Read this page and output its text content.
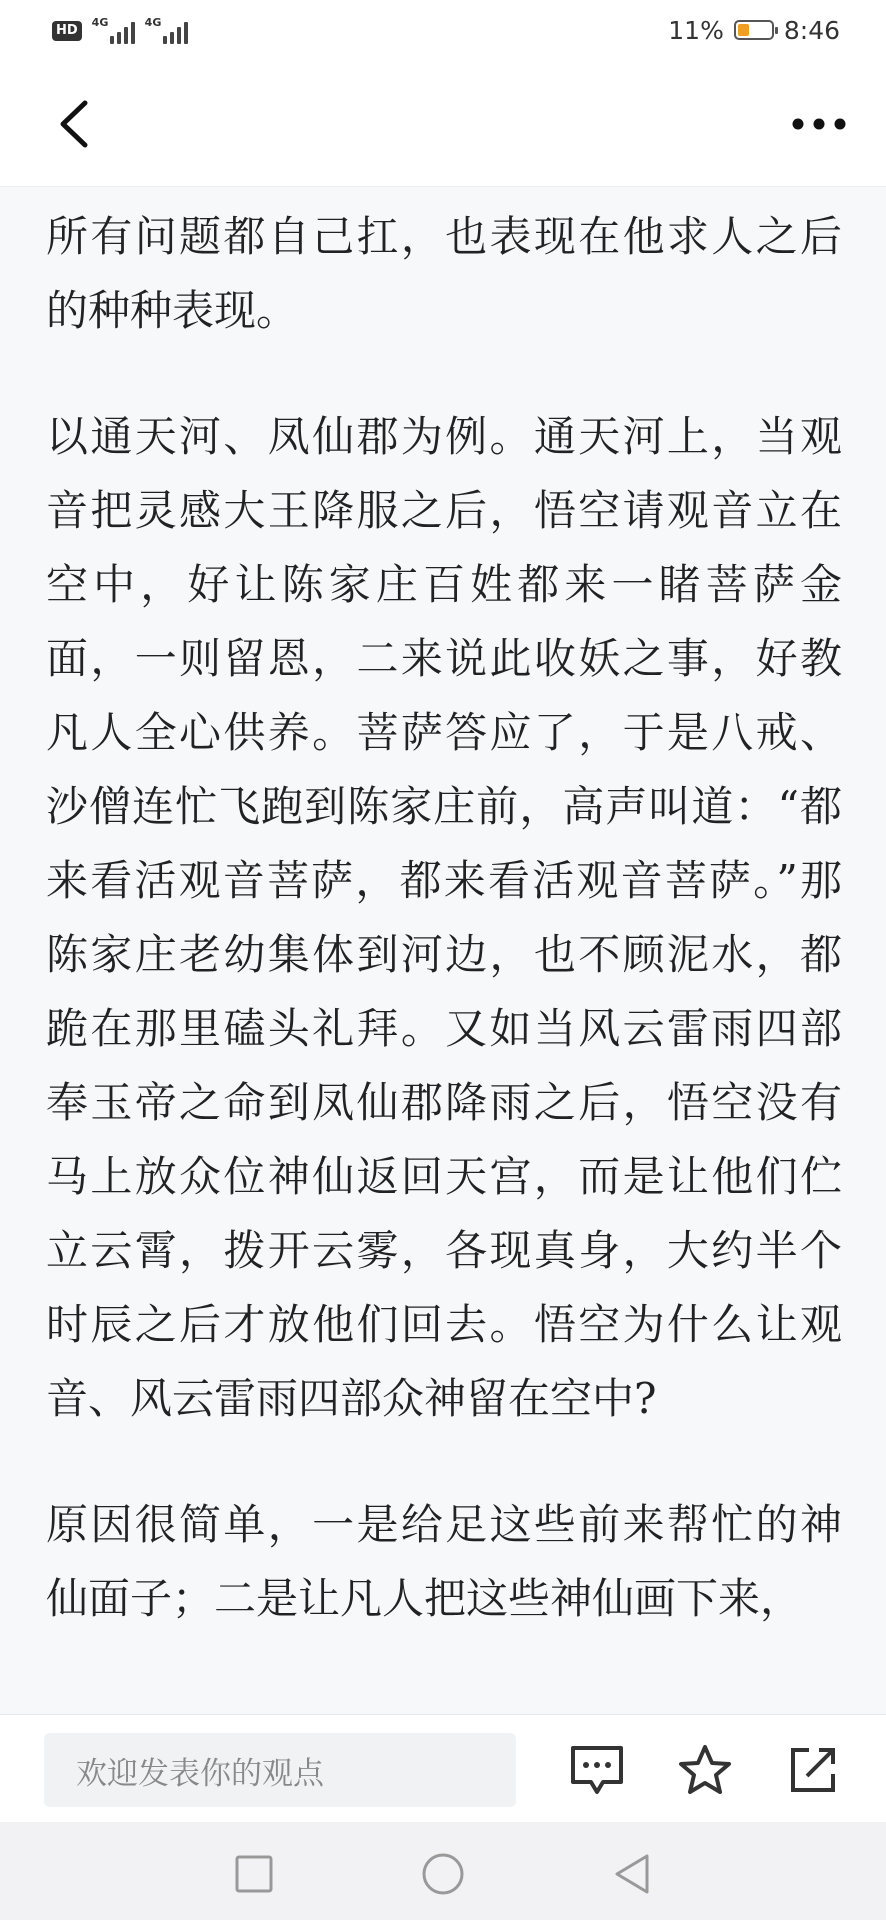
HD
4G	4G	11% 8:46

所有问题都自己扛，也表现在他求人之后的种种表现。

以通天河、凤仙郡为例。通天河上，当观音把灵感大王降服之后，悟空请观音立在空中，好让陈家庄百姓都来一睹菩萨金面，一则留恩，二来说此收妖之事，好教凡人全心供养。菩萨答应了，于是八戒、沙僧连忙飞跑到陈家庄前，高声叫道：“都来看活观音菩萨，都来看活观音菩萨。”那陈家庄老幼集体到河边，也不顾泥水，都跪在那里磕头礼拜。又如当风云雷雨四部奉玉帝之命到凤仙郡降雨之后，悟空没有马上放众位神仙返回天宫，而是让他们伫立云霄，拨开云雾，各现真身，大约半个时辰之后才放他们回去。悟空为什么让观音、风云雷雨四部众神留在空中?

原因很简单，一是给足这些前来帮忙的神仙面子；二是让凡人把这些神仙画下来，

欢迎发表你的观点
